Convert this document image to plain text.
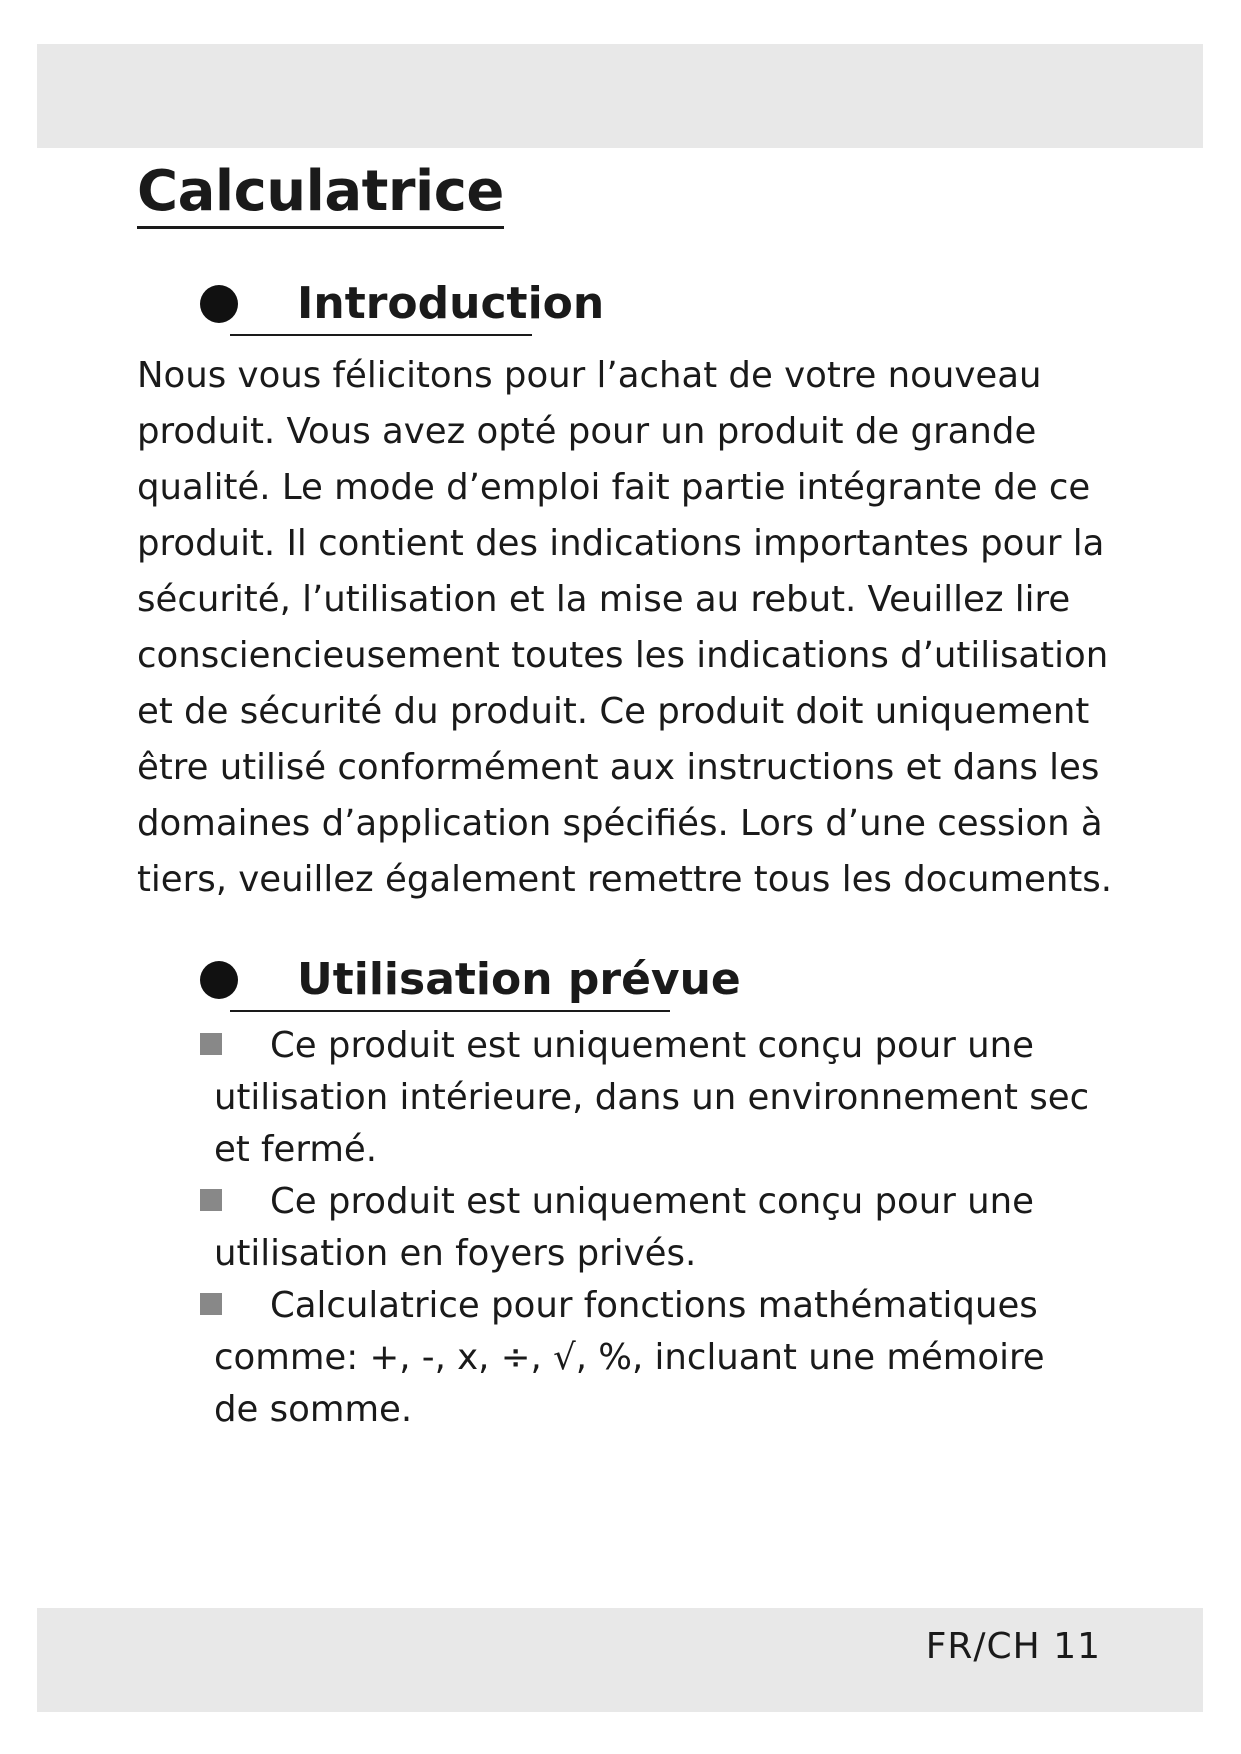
Calculatrice
Introduction

Nous vous félicitons pour l’achat de votre nouveau produit. Vous avez opté pour un produit de grande qualité. Le mode d’emploi fait partie intégrante de ce produit. Il contient des indications importantes pour la sécurité, l’utilisation et la mise au rebut. Veuillez lire consciencieusement toutes les indications d’utilisation et de sécurité du produit. Ce produit doit uniquement être utilisé conformément aux instructions et dans les domaines d’application spécifiés. Lors d’une cession à tiers, veuillez également remettre tous les documents.

Utilisation prévue
Ce produit est uniquement conçu pour une utilisation intérieure, dans un environnement sec et fermé.
Ce produit est uniquement conçu pour une utilisation en foyers privés.
Calculatrice pour fonctions mathématiques comme: +, -, x, ÷, √, %, incluant une mémoire de somme.
FR/CH 11
